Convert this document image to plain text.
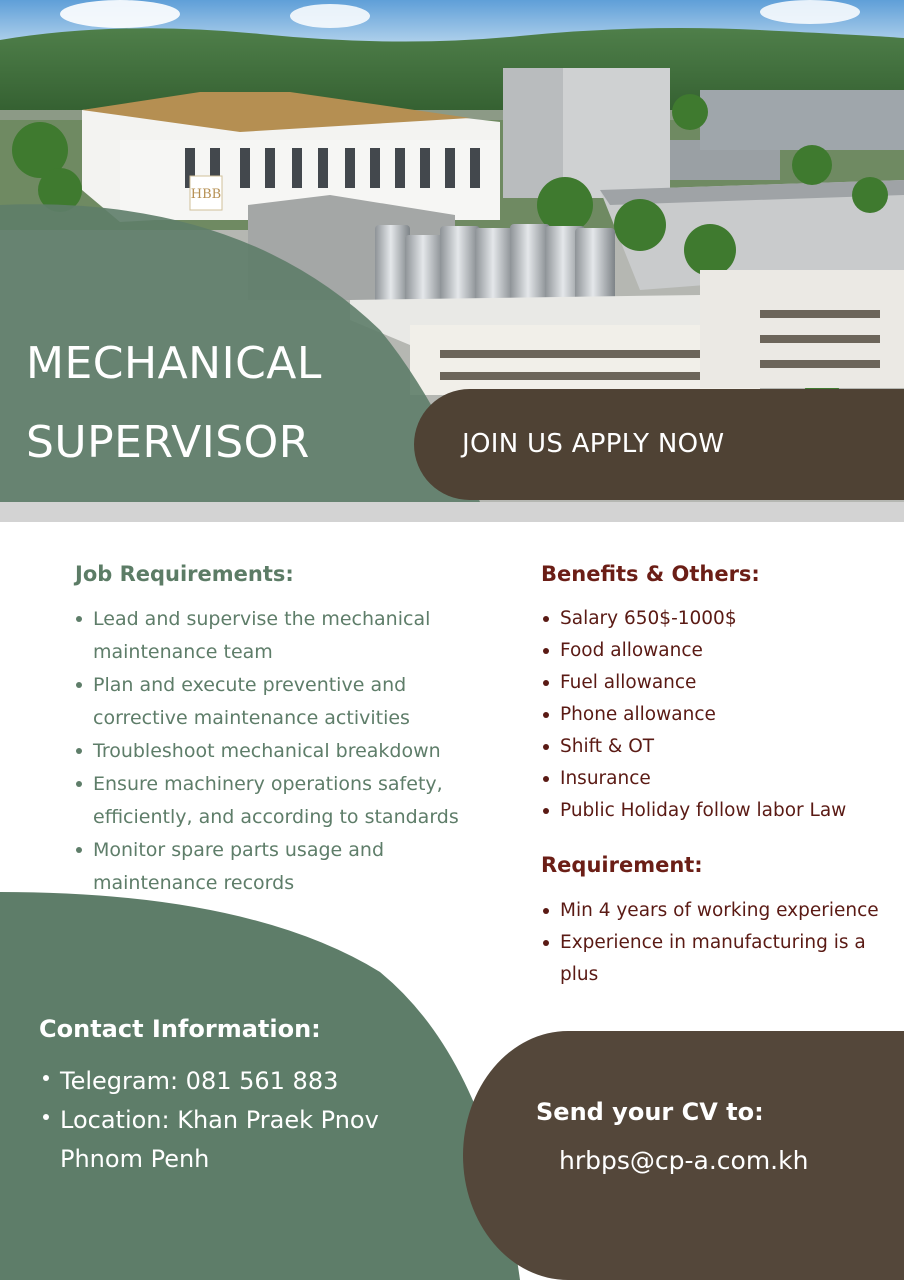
HBB
MECHANICAL
SUPERVISOR	JOIN US APPLY NOW
Job Requirements:
Lead and supervise the mechanical maintenance team
Plan and execute preventive and corrective maintenance activities
Troubleshoot mechanical breakdown
Ensure machinery operations safety, efficiently, and according to standards
Monitor spare parts usage and maintenance records
Benefits & Others:
Salary 650$-1000$
Food allowance
Fuel allowance
Phone allowance
Shift & OT
Insurance
Public Holiday follow labor Law
Requirement:
Min 4 years of working experience
Experience in manufacturing is a plus
Contact Information:
Telegram: 081 561 883
Location: Khan Praek Pnov Phnom Penh
Send your CV to:
hrbps@cp-a.com.kh
